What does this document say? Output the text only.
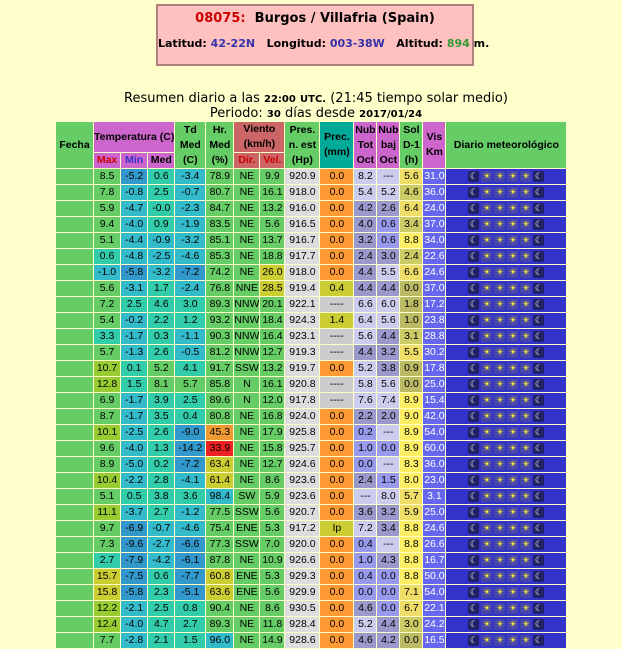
08075: Burgos / Villafria (Spain)
Latitud: 42-22N Longitud: 003-38W Altitud: 894 m.
Resumen diario a las 22:00 UTC. (21:45 tiempo solar medio)
Periodo: 30 días desde 2017/01/24
Fecha	Temperatura (C)			Td Med (C)	Hr. Med (%)	Viento (km/h)		Pres. n. est (Hp)	Prec. (mm)	Nub Tot Oct	Nub baj Oct	Sol D-1 (h)	Vis Km	Diario meteorológico
	Max	Min	Med			Dir.	Vel.							
	8.5	-5.2	0.6	-3.4	78.9	NE	9.9	920.9	0.0	8.2	---	5.6	31.0	☾ ☀ ☀ ☀ ☀ ☾
	7.8	-0.8	2.5	-0.7	80.7	NE	16.1	918.0	0.0	5.4	5.2	4.6	36.0	☾ ☀ ☀ ☀ ☀ ☾
	5.9	-4.7	-0.0	-2.3	84.7	NE	13.2	916.0	0.0	4.2	2.6	6.4	24.0	☾ ☀ ☀ ☀ ☀ ☾
	9.4	-4.0	0.9	-1.9	83.5	NE	5.6	916.5	0.0	4.0	0.6	3.4	37.0	☾ ☀ ☀ ☀ ☀ ☾
	5.1	-4.4	-0.9	-3.2	85.1	NE	13.7	916.7	0.0	3.2	0.6	8.8	34.0	☾ ☀ ☀ ☀ ☀ ☾
	0.6	-4.8	-2.5	-4.6	85.3	NE	18.8	917.7	0.0	2.4	3.0	2.4	22.6	☾ ☀ ☀ ☀ ☀ ☾
	-1.0	-5.8	-3.2	-7.2	74.2	NE	26.0	918.0	0.0	4.4	5.5	6.6	24.6	☾ ☀ ☀ ☀ ☀ ☾
	5.6	-3.1	1.7	-2.4	76.8	NNE	28.5	919.4	0.4	4.4	4.4	0.0	37.0	☾ ☀ ☀ ☀ ☀ ☾
	7.2	2.5	4.6	3.0	89.3	NNW	20.1	922.1	----	6.6	6.0	1.8	17.2	☾ ☀ ☀ ☀ ☀ ☾
	5.4	-0.2	2.2	1.2	93.2	NNW	18.4	924.3	1.4	6.4	5.6	1.0	23.8	☾ ☀ ☀ ☀ ☀ ☾
	3.3	-1.7	0.3	-1.1	90.3	NNW	16.4	923.1	----	5.6	4.4	3.1	28.8	☾ ☀ ☀ ☀ ☀ ☾
	5.7	-1.3	2.6	-0.5	81.2	NNW	12.7	919.3	----	4.4	3.2	5.5	30.2	☾ ☀ ☀ ☀ ☀ ☾
	10.7	0.1	5.2	4.1	91.7	SSW	13.2	919.7	0.0	5.2	3.8	0.9	17.8	☾ ☀ ☀ ☀ ☀ ☾
	12.8	1.5	8.1	5.7	85.8	N	16.1	920.8	----	5.8	5.6	0.0	25.0	☾ ☀ ☀ ☀ ☀ ☾
	6.9	-1.7	3.9	2.5	89.6	N	12.0	917.8	----	7.6	7.4	8.9	15.4	☾ ☀ ☀ ☀ ☀ ☾
	8.7	-1.7	3.5	0.4	80.8	NE	16.8	924.0	0.0	2.2	2.0	9.0	42.0	☾ ☀ ☀ ☀ ☀ ☾
	10.1	-2.5	2.6	-9.0	45.3	NE	17.9	925.8	0.0	0.2	---	8.9	54.0	☾ ☀ ☀ ☀ ☀ ☾
	9.6	-4.0	1.3	-14.2	33.9	NE	15.8	925.7	0.0	1.0	0.0	8.9	60.0	☾ ☀ ☀ ☀ ☀ ☾
	8.9	-5.0	0.2	-7.2	63.4	NE	12.7	924.6	0.0	0.0	---	8.3	36.0	☾ ☀ ☀ ☀ ☀ ☾
	10.4	-2.2	2.8	-4.1	61.4	NE	8.6	923.6	0.0	2.4	1.5	8.0	23.0	☾ ☀ ☀ ☀ ☀ ☾
	5.1	0.5	3.8	3.6	98.4	SW	5.9	923.6	0.0	---	8.0	5.7	3.1	☾ ☀ ☀ ☀ ☀ ☾
	11.1	-3.7	2.7	-1.2	77.5	SSW	5.6	920.7	0.0	3.6	3.2	5.9	25.0	☾ ☀ ☀ ☀ ☀ ☾
	9.7	-6.9	-0.7	-4.6	75.4	ENE	5.3	917.2	Ip	7.2	3.4	8.8	24.6	☾ ☀ ☀ ☀ ☀ ☾
	7.3	-9.6	-2.7	-6.6	77.3	SSW	7.0	920.0	0.0	0.4	---	8.8	26.6	☾ ☀ ☀ ☀ ☀ ☾
	2.7	-7.9	-4.2	-6.1	87.8	NE	10.9	926.6	0.0	1.0	4.3	8.8	16.7	☾ ☀ ☀ ☀ ☀ ☾
	15.7	-7.5	0.6	-7.7	60.8	ENE	5.3	929.3	0.0	0.4	0.0	8.8	50.0	☾ ☀ ☀ ☀ ☀ ☾
	15.8	-5.8	2.3	-5.1	63.6	ENE	5.6	929.9	0.0	0.0	0.0	7.1	54.0	☾ ☀ ☀ ☀ ☀ ☾
	12.2	-2.1	2.5	0.8	90.4	NE	8.6	930.5	0.0	4.6	0.0	6.7	22.1	☾ ☀ ☀ ☀ ☀ ☾
	12.4	-4.0	4.7	2.7	89.3	NE	11.8	928.4	0.0	5.2	4.4	3.0	24.2	☾ ☀ ☀ ☀ ☀ ☾
	7.7	-2.8	2.1	1.5	96.0	NE	14.9	928.6	0.0	4.6	4.2	0.0	16.5	☾ ☀ ☀ ☀ ☀ ☾
